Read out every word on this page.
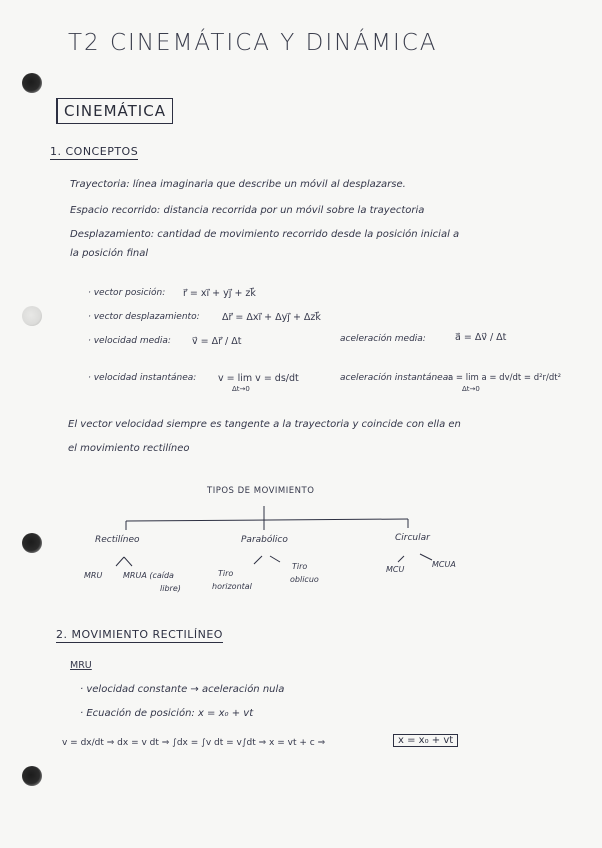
T2 CINEMÁTICA Y DINÁMICA
CINEMÁTICA
1. CONCEPTOS
Trayectoria: línea imaginaria que describe un móvil al desplazarse.
Espacio recorrido: distancia recorrida por un móvil sobre la trayectoria
Desplazamiento: cantidad de movimiento recorrido desde la posición inicial a
la posición final
· vector posición: r⃗ = xi⃗ + yj⃗ + zk⃗
· vector desplazamiento: Δr⃗ = Δxi⃗ + Δyj⃗ + Δzk⃗
· velocidad media: v⃗ = Δr⃗ / Δt	aceleración media:	a⃗ = Δv⃗ / Δt
· velocidad instantánea: v = lim v = ds/dt
Δt→0
aceleración instantánea:
a = lim a = dv/dt = d²r/dt²
Δt→0
El vector velocidad siempre es tangente a la trayectoria y coincide con ella en
el movimiento rectilíneo
TIPOS DE MOVIMIENTO
Rectilíneo	Parabólico	Circular
MRU	MRUA (caída
libre)
Tiro
horizontal
Tiro
oblicuo
MCU
MCUA
2. MOVIMIENTO RECTILÍNEO
MRU
· velocidad constante → aceleración nula
· Ecuación de posición: x = x₀ + vt
v = dx/dt ⇒ dx = v dt ⇒ ∫dx = ∫v dt = v∫dt ⇒ x = vt + c ⇒	x = x₀ + vt
